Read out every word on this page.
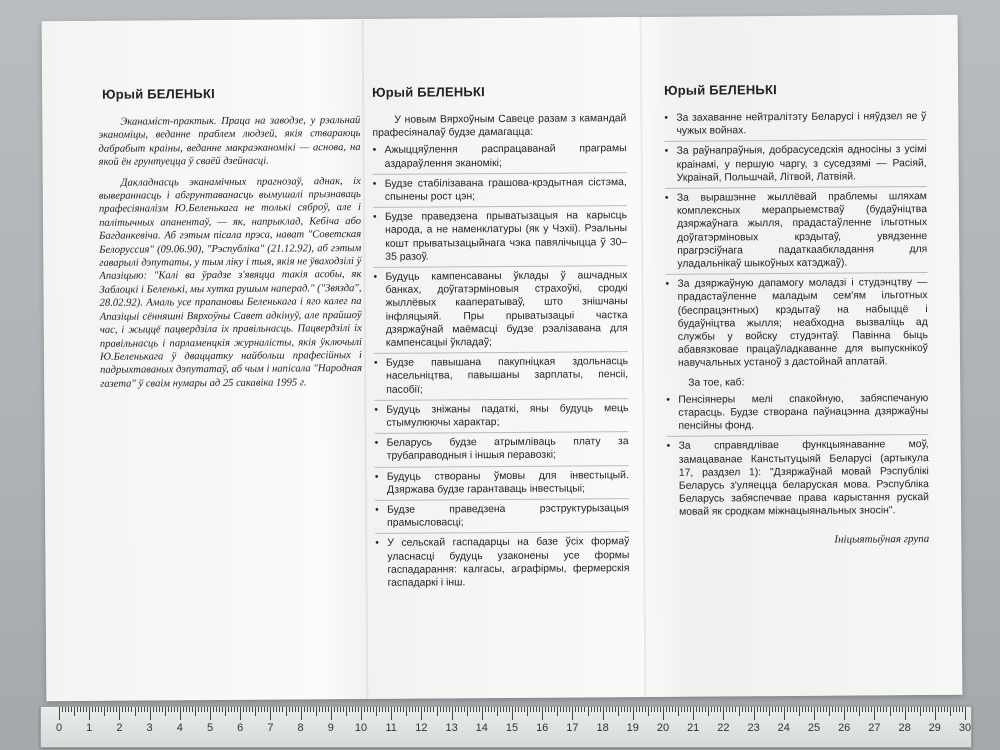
Юрый БЕЛЕНЬКІ

Эканаміст-практык. Праца на заводзе, у рэальнай эканоміцы, веданне праблем людзей, якія ствараюць дабрабыт краіны, веданне макраэканомікі — аснова, на якой ён грунтуецца ў сваёй дзейнасці.

Дакладнасць эканамічных прагнозаў, аднак, іх вывераннасць і абгрунтаванасць вымушалі прызнаваць прафесіяналізм Ю.Беленькага не толькі сяброў, але і палітычных апанентаў, — як, напрыклад, Кебіча або Багданкевіча. Аб гэтым пісала прэса, нават "Советская Белоруссия" (09.06.90), "Рэспубліка" (21.12.92), аб гэтым гаварылі дэпутаты, у тым ліку і тыя, якія не ўваходзілі ў Апазіцыю: "Калі ва ўрадзе з'явяцца такія асобы, як Заблоцкі і Беленькі, мы хутка рушым наперад." ("Звязда", 28.02.92). Амаль усе прапановы Беленькага і яго калег па Апазіцыі сённяшні Вярхоўны Савет адкінуў, але прайшоў час, і жыццё пацвердзіла іх правільнасць. Пацвердзілі іх правільнасць і парламенцкія журналісты, якія ўключылі Ю.Беленькага ў дваццатку найбольш прафесійных і падрыхтаваных дэпутатаў, аб чым і напісала "Народная газета" ў сваім нумары ад 25 сакавіка 1995 г.

Юрый БЕЛЕНЬКІ

У новым Вярхоўным Савеце разам з камандай прафесіяналаў будзе дамагацца:

• Ажыццяўлення распрацаванай праграмы аздараўлення эканомікі;
• Будзе стабілізавана грашова-крэдытная сістэма, спынены рост цэн;
• Будзе праведзена прыватызацыя на карысць народа, а не наменклатуры (як у Чэхіі). Рэальны кошт прыватызацыйнага чэка павялічыцца ў 30–35 разоў.
• Будуць кампенсаваны ўклады ў ашчадных банках, доўгатэрміновыя страхоўкі, сродкі жыллёвых кааператываў, што знішчаны інфляцыяй. Пры прыватызацыі частка дзяржаўнай маёмасці будзе рэалізавана для кампенсацыі ўкладаў;
• Будзе павышана пакупніцкая здольнасць насельніцтва, павышаны зарплаты, пенсіі, пасобії;
• Будуць зніжаны падаткі, яны будуць мець стымулюючы характар;
• Беларусь будзе атрымліваць плату за трубаправодныя і іншыя перавозкі;
• Будуць створаны ўмовы для інвестыцый. Дзяржава будзе гарантаваць інвестыцыі;
• Будзе праведзена рэструктурызацыя прамысловасці;
• У сельскай гаспадарцы на базе ўсіх формаў уласнасці будуць узаконены усе формы гаспадарання: калгасы, аграфірмы, фермерскія гаспадаркі і інш.
Юрый БЕЛЕНЬКІ
• За захаванне нейтралітэту Беларусі і няўдзел яе ў чужых войнах.
• За раўнапраўныя, добрасуседскія адносіны з усімі краінамі, у першую чаргу, з суседзямі — Расіяй, Украінай, Польшчай, Літвой, Латвіяй.
• За вырашэнне жыллёвай праблемы шляхам комплексных мерапрыемстваў (будаўніцтва дзяржаўнага жылля, прадастаўленне ільготных доўгатэрміновых крэдытаў, увядзенне прагрэсіўнага падаткаабкладання для уладальнікаў шыкоўных катэджаў).
• За дзяржаўную дапамогу моладзі і студэнцтву — прадастаўленне маладым сем'ям ільготных (беспрацэнтных) крэдытаў на набыццё і будаўніцтва жылля; неабходна вызваліць ад службы у войску студэнтаў. Павінна быць абавязковае працаўладкаванне для выпускнікоў навучальных устаноў з дастойнай аплатай.

За тое, каб:

• Пенсіянеры мелі спакойную, забяспечаную старасць. Будзе створана паўнацэнна дзяржаўны пенсійны фонд.
• За справядлівае функцыянаванне моў, замацаванае Канстытуцыяй Беларусі (артыкула 17, раздзел 1): "Дзяржаўнай мовай Рэспублікі Беларусь з'уляецца беларуская мова. Рэспубліка Беларусь забяспечвае права карыстання рускай мовай як сродкам міжнацыянальных зносін".
Ініцыятыўная група
0 1 2 3 4 5 6 7 8 9 10 11 12 13 14 15 16 17 18 19 20 21 22 23 24 25 26 27 28 29 30
